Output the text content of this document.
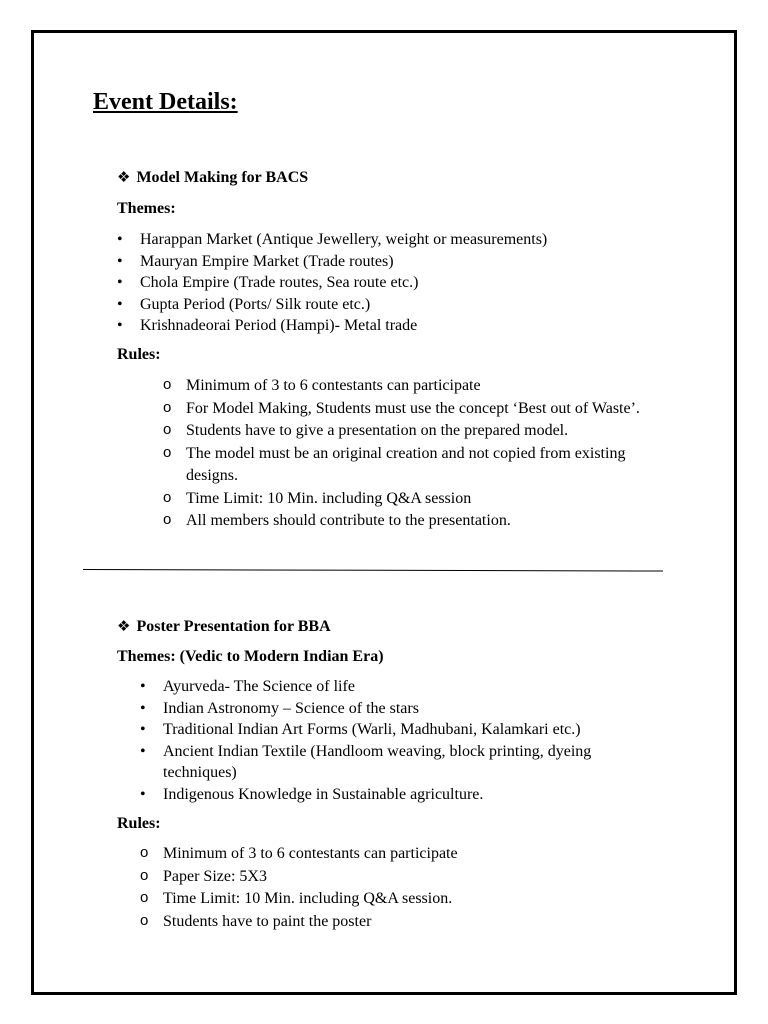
Event Details:
❖ Model Making for BACS
Themes:
• Harappan Market (Antique Jewellery, weight or measurements)
• Mauryan Empire Market (Trade routes)
• Chola Empire (Trade routes, Sea route etc.)
• Gupta Period (Ports/ Silk route etc.)
• Krishnadeorai Period (Hampi)- Metal trade
Rules:
o Minimum of 3 to 6 contestants can participate
o For Model Making, Students must use the concept ‘Best out of Waste’.
o Students have to give a presentation on the prepared model.
o The model must be an original creation and not copied from existing designs.
o Time Limit: 10 Min. including Q&A session
o All members should contribute to the presentation.
❖ Poster Presentation for BBA
Themes: (Vedic to Modern Indian Era)
• Ayurveda- The Science of life
• Indian Astronomy – Science of the stars
• Traditional Indian Art Forms (Warli, Madhubani, Kalamkari etc.)
• Ancient Indian Textile (Handloom weaving, block printing, dyeing techniques)
• Indigenous Knowledge in Sustainable agriculture.
Rules:
o Minimum of 3 to 6 contestants can participate
o Paper Size: 5X3
o Time Limit: 10 Min. including Q&A session.
o Students have to paint the poster
